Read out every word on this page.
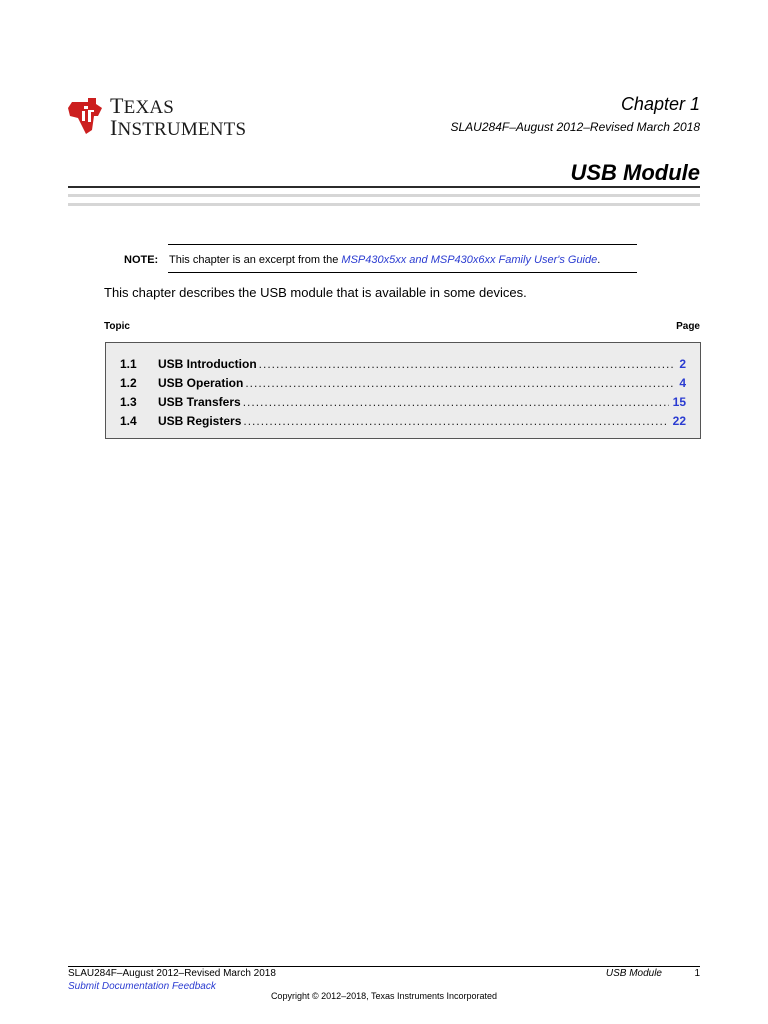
TEXAS
INSTRUMENTS
Chapter 1
SLAU284F–August 2012–Revised March 2018
USB Module
NOTE: This chapter is an excerpt from the MSP430x5xx and MSP430x6xx Family User's Guide.
This chapter describes the USB module that is available in some devices.
Topic	Page
1.1	USB Introduction .....	2
1.2	USB Operation .....	4
1.3	USB Transfers .....	15
1.4	USB Registers .....	22
SLAU284F–August 2012–Revised March 2018
Submit Documentation Feedback
USB Module	1
Copyright © 2012–2018, Texas Instruments Incorporated
